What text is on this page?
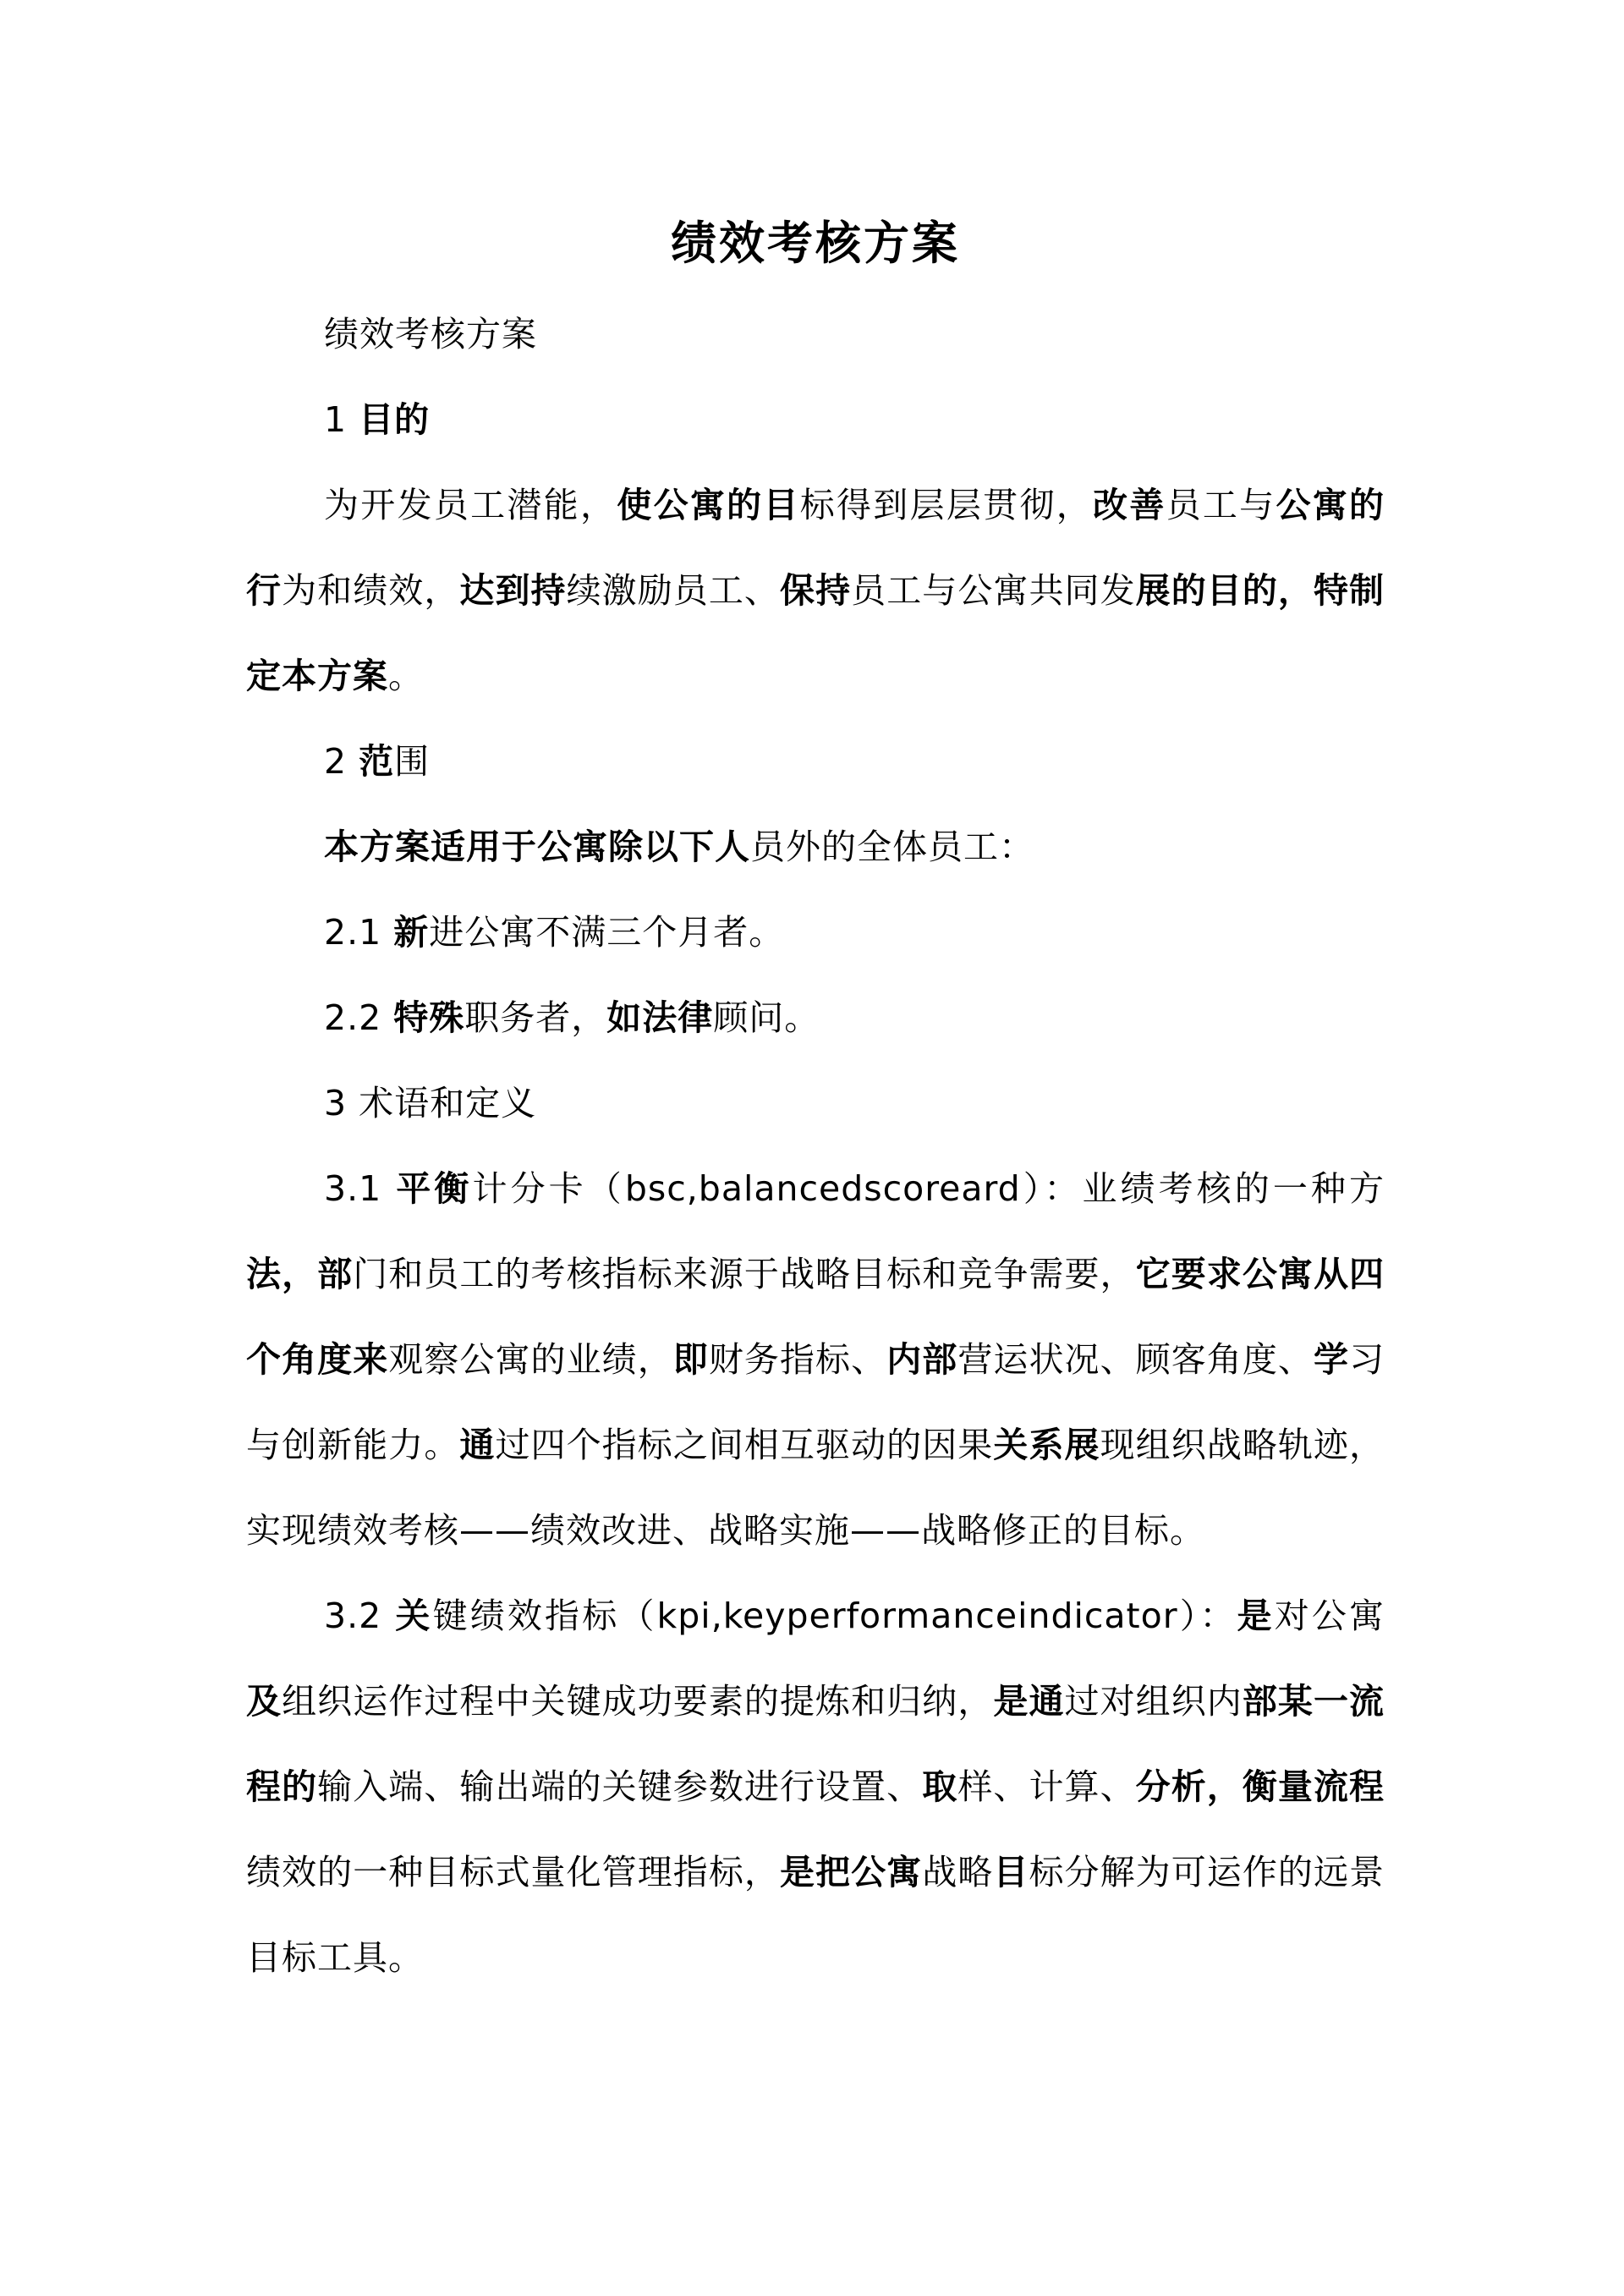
绩效考核方案

绩效考核方案

1 目的

为开发员工潜能，使公寓的目标得到层层贯彻，改善员工与公寓的行为和绩效，达到持续激励员工、保持员工与公寓共同发展的目的，特制定本方案。

2 范围

本方案适用于公寓除以下人员外的全体员工：

2.1 新进公寓不满三个月者。

2.2 特殊职务者，如法律顾问。

3 术语和定义

3.1 平衡计分卡（bsc,balancedscoreard）：业绩考核的一种方法，部门和员工的考核指标来源于战略目标和竞争需要，它要求公寓从四个角度来观察公寓的业绩，即财务指标、内部营运状况、顾客角度、学习与创新能力。通过四个指标之间相互驱动的因果关系展现组织战略轨迹，实现绩效考核——绩效改进、战略实施——战略修正的目标。

3.2 关键绩效指标（kpi,keyperformanceindicator）：是对公寓及组织运作过程中关键成功要素的提炼和归纳，是通过对组织内部某一流程的输入端、输出端的关键参数进行设置、取样、计算、分析，衡量流程绩效的一种目标式量化管理指标，是把公寓战略目标分解为可运作的远景目标工具。
